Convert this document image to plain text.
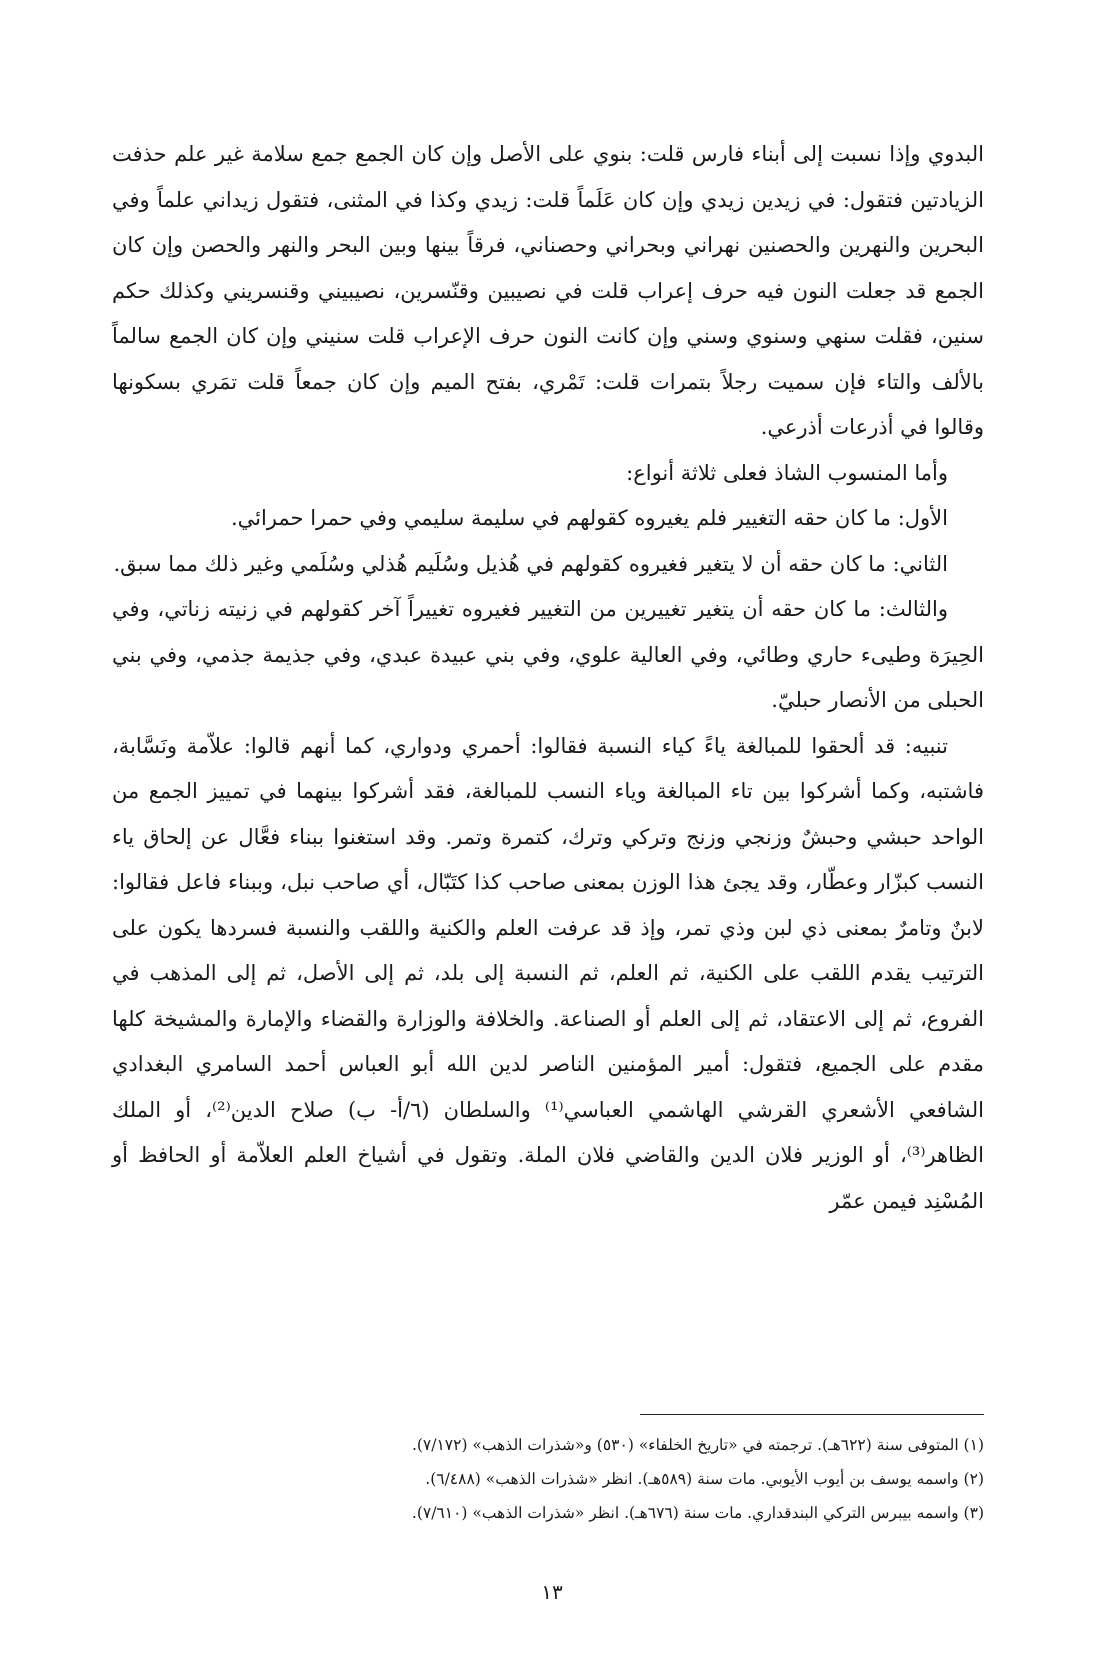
البدوي وإذا نسبت إلى أبناء فارس قلت: بنوي على الأصل وإن كان الجمع جمع سلامة غير علم حذفت الزيادتين فتقول: في زيدين زيدي وإن كان عَلَماً قلت: زيدي وكذا في المثنى، فتقول زيداني علماً وفي البحرين والنهرين والحصنين نهراني وبحراني وحصناني، فرقاً بينها وبين البحر والنهر والحصن وإن كان الجمع قد جعلت النون فيه حرف إعراب قلت في نصيبين وقنّسرين، نصيبيني وقنسريني وكذلك حكم سنين، فقلت سنهي وسنوي وسني وإن كانت النون حرف الإعراب قلت سنيني وإن كان الجمع سالماً بالألف والتاء فإن سميت رجلاً بتمرات قلت: تَمْري، بفتح الميم وإن كان جمعاً قلت تمَري بسكونها وقالوا في أذرعات أذرعي.

وأما المنسوب الشاذ فعلى ثلاثة أنواع:

الأول: ما كان حقه التغيير فلم يغيروه كقولهم في سليمة سليمي وفي حمرا حمرائي.

الثاني: ما كان حقه أن لا يتغير فغيروه كقولهم في هُذيل وسُلَيم هُذلي وسُلَمي وغير ذلك مما سبق.

والثالث: ما كان حقه أن يتغير تغييرين من التغيير فغيروه تغييراً آخر كقولهم في زنيته زناتي، وفي الحِيرَة وطيىء حاري وطائي، وفي العالية علوي، وفي بني عبيدة عبدي، وفي جذيمة جذمي، وفي بني الحبلى من الأنصار حبليّ.

تنبيه: قد ألحقوا للمبالغة ياءً كياء النسبة فقالوا: أحمري ودواري، كما أنهم قالوا: علاّمة ونَسَّابة، فاشتبه، وكما أشركوا بين تاء المبالغة وياء النسب للمبالغة، فقد أشركوا بينهما في تمييز الجمع من الواحد حبشي وحبشٌ وزنجي وزنج وتركي وترك، كتمرة وتمر. وقد استغنوا ببناء فعَّال عن إلحاق ياء النسب كبزّار وعطّار، وقد يجئ هذا الوزن بمعنى صاحب كذا كتَبّال، أي صاحب نبل، وببناء فاعل فقالوا: لابنٌ وتامرٌ بمعنى ذي لبن وذي تمر، وإذ قد عرفت العلم والكنية واللقب والنسبة فسردها يكون على الترتيب يقدم اللقب على الكنية، ثم العلم، ثم النسبة إلى بلد، ثم إلى الأصل، ثم إلى المذهب في الفروع، ثم إلى الاعتقاد، ثم إلى العلم أو الصناعة. والخلافة والوزارة والقضاء والإمارة والمشيخة كلها مقدم على الجميع، فتقول: أمير المؤمنين الناصر لدين الله أبو العباس أحمد السامري البغدادي الشافعي الأشعري القرشي الهاشمي العباسي⁽¹⁾ والسلطان (٦/أ- ب) صلاح الدين⁽²⁾، أو الملك الظاهر⁽³⁾، أو الوزير فلان الدين والقاضي فلان الملة. وتقول في أشياخ العلم العلاّمة أو الحافظ أو المُسْنِد فيمن عمّر

(١) المتوفى سنة (٦٢٢هـ). ترجمته في «تاريخ الخلفاء» (٥٣٠) و«شذرات الذهب» (٧/١٧٢).

(٢) واسمه يوسف بن أيوب الأيوبي. مات سنة (٥٨٩هـ). انظر «شذرات الذهب» (٦/٤٨٨).

(٣) واسمه بيبرس التركي البندقداري. مات سنة (٦٧٦هـ). انظر «شذرات الذهب» (٧/٦١٠).

١٣
